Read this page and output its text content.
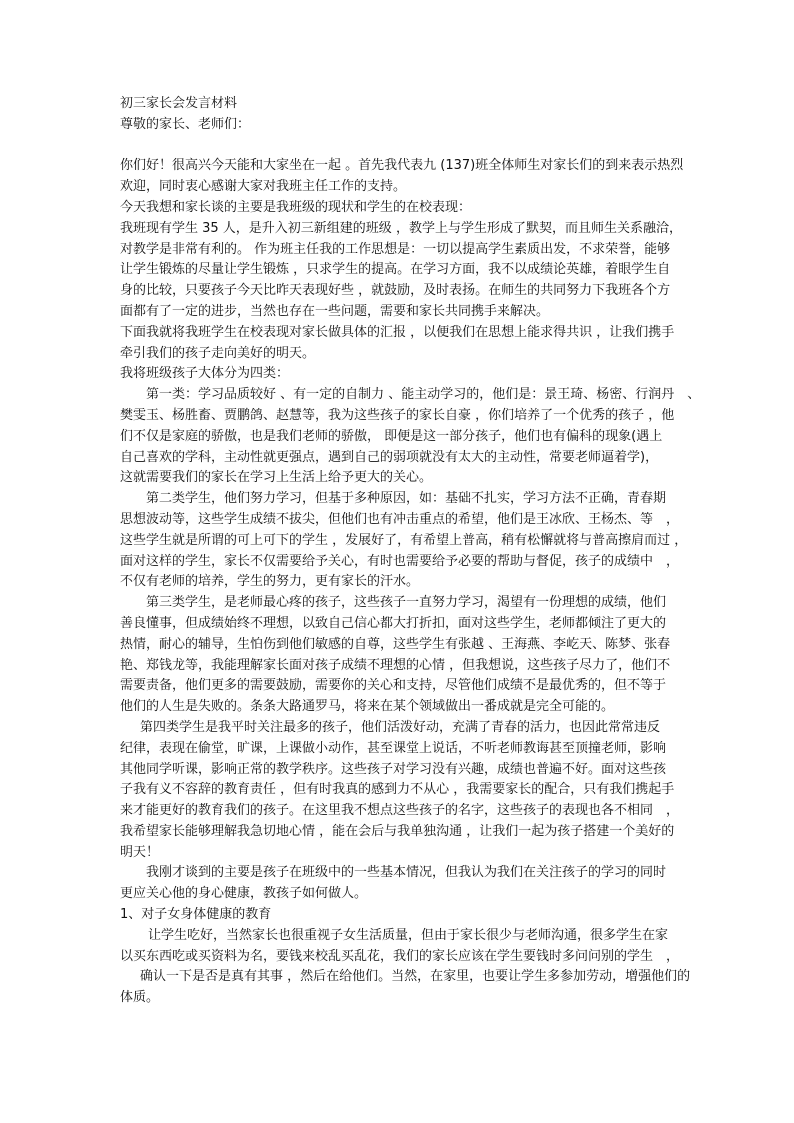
初三家长会发言材料

尊敬的家长、老师们：

你们好！很高兴今天能和大家坐在一起 。首先我代表九 (137)班全体师生对家长们的到来表示热烈

欢迎，同时衷心感谢大家对我班主任工作的支持。

今天我想和家长谈的主要是我班级的现状和学生的在校表现：

我班现有学生 35 人，是升入初三新组建的班级 ，教学上与学生形成了默契，而且师生关系融洽，

对教学是非常有利的。 作为班主任我的工作思想是：一切以提高学生素质出发，不求荣誉，能够

让学生锻炼的尽量让学生锻炼 ，只求学生的提高。在学习方面，我不以成绩论英雄，着眼学生自

身的比较，只要孩子今天比昨天表现好些 ，就鼓励，及时表扬。在师生的共同努力下我班各个方

面都有了一定的进步，当然也存在一些问题，需要和家长共同携手来解决。

下面我就将我班学生在校表现对家长做具体的汇报 ，以便我们在思想上能求得共识 ，让我们携手

牵引我们的孩子走向美好的明天。

我将班级孩子大体分为四类：

第一类：学习品质较好 、有一定的自制力 、能主动学习的，他们是：景王琦、杨密、行润丹　、

樊雯玉、杨胜畜、贾鹏鸽、赵慧等，我为这些孩子的家长自豪 ，你们培养了一个优秀的孩子 ，他

们不仅是家庭的骄傲，也是我们老师的骄傲， 即便是这一部分孩子，他们也有偏科的现象(遇上

自己喜欢的学科，主动性就更强点，遇到自己的弱项就没有太大的主动性，常要老师逼着学)，

这就需要我们的家长在学习上生活上给予更大的关心。

第二类学生，他们努力学习，但基于多种原因，如：基础不扎实，学习方法不正确，青春期

思想波动等，这些学生成绩不拔尖，但他们也有冲击重点的希望，他们是王冰欣、王杨杰、等　，

这些学生就是所谓的可上可下的学生 ，发展好了，有希望上普高，稍有松懈就将与普高擦肩而过 ，

面对这样的学生，家长不仅需要给予关心，有时也需要给予必要的帮助与督促，孩子的成绩中　，

不仅有老师的培养，学生的努力，更有家长的汗水。

第三类学生，是老师最心疼的孩子，这些孩子一直努力学习，渴望有一份理想的成绩，他们

善良懂事，但成绩始终不理想，以致自己信心都大打折扣，面对这些学生，老师都倾注了更大的

热情，耐心的辅导，生怕伤到他们敏感的自尊，这些学生有张越 、王海燕、李屹天、陈梦、张春

艳、郑钱龙等，我能理解家长面对孩子成绩不理想的心情 ，但我想说，这些孩子尽力了，他们不

需要责备，他们更多的需要鼓励，需要你的关心和支持，尽管他们成绩不是最优秀的，但不等于

他们的人生是失败的。条条大路通罗马，将来在某个领域做出一番成就是完全可能的。

第四类学生是我平时关注最多的孩子，他们活泼好动，充满了青春的活力，也因此常常违反

纪律，表现在偷堂，旷课，上课做小动作，甚至课堂上说话，不听老师教诲甚至顶撞老师，影响

其他同学听课，影响正常的教学秩序。这些孩子对学习没有兴趣，成绩也普遍不好。面对这些孩

子我有义不容辞的教育责任 ，但有时我真的感到力不从心 ，我需要家长的配合，只有我们携起手

来才能更好的教育我们的孩子。在这里我不想点这些孩子的名字，这些孩子的表现也各不相同　，

我希望家长能够理解我急切地心情 ，能在会后与我单独沟通 ，让我们一起为孩子搭建一个美好的

明天！

我刚才谈到的主要是孩子在班级中的一些基本情况，但我认为我们在关注孩子的学习的同时

更应关心他的身心健康，教孩子如何做人。

1、对子女身体健康的教育

让学生吃好，当然家长也很重视子女生活质量，但由于家长很少与老师沟通，很多学生在家

以买东西吃或买资料为名，要钱来校乱买乱花，我们的家长应该在学生要钱时多问问别的学生　，

确认一下是否是真有其事 ，然后在给他们。当然，在家里，也要让学生多参加劳动，增强他们的

体质。
